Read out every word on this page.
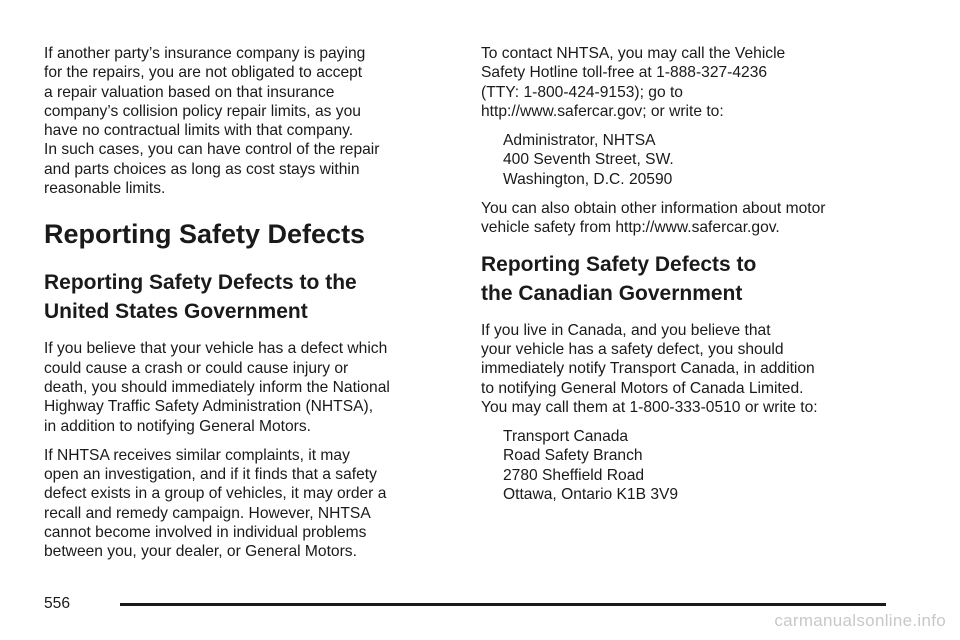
If another party’s insurance company is paying
for the repairs, you are not obligated to accept
a repair valuation based on that insurance
company’s collision policy repair limits, as you
have no contractual limits with that company.
In such cases, you can have control of the repair
and parts choices as long as cost stays within
reasonable limits.

Reporting Safety Defects
Reporting Safety Defects to the
United States Government

If you believe that your vehicle has a defect which
could cause a crash or could cause injury or
death, you should immediately inform the National
Highway Traffic Safety Administration (NHTSA),
in addition to notifying General Motors.

If NHTSA receives similar complaints, it may
open an investigation, and if it finds that a safety
defect exists in a group of vehicles, it may order a
recall and remedy campaign. However, NHTSA
cannot become involved in individual problems
between you, your dealer, or General Motors.

To contact NHTSA, you may call the Vehicle
Safety Hotline toll-free at 1-888-327-4236
(TTY: 1-800-424-9153); go to
http://www.safercar.gov; or write to:

Administrator, NHTSA
400 Seventh Street, SW.
Washington, D.C. 20590

You can also obtain other information about motor
vehicle safety from http://www.safercar.gov.

Reporting Safety Defects to
the Canadian Government

If you live in Canada, and you believe that
your vehicle has a safety defect, you should
immediately notify Transport Canada, in addition
to notifying General Motors of Canada Limited.
You may call them at 1-800-333-0510 or write to:

Transport Canada
Road Safety Branch
2780 Sheffield Road
Ottawa, Ontario K1B 3V9
556
carmanualsonline.info
